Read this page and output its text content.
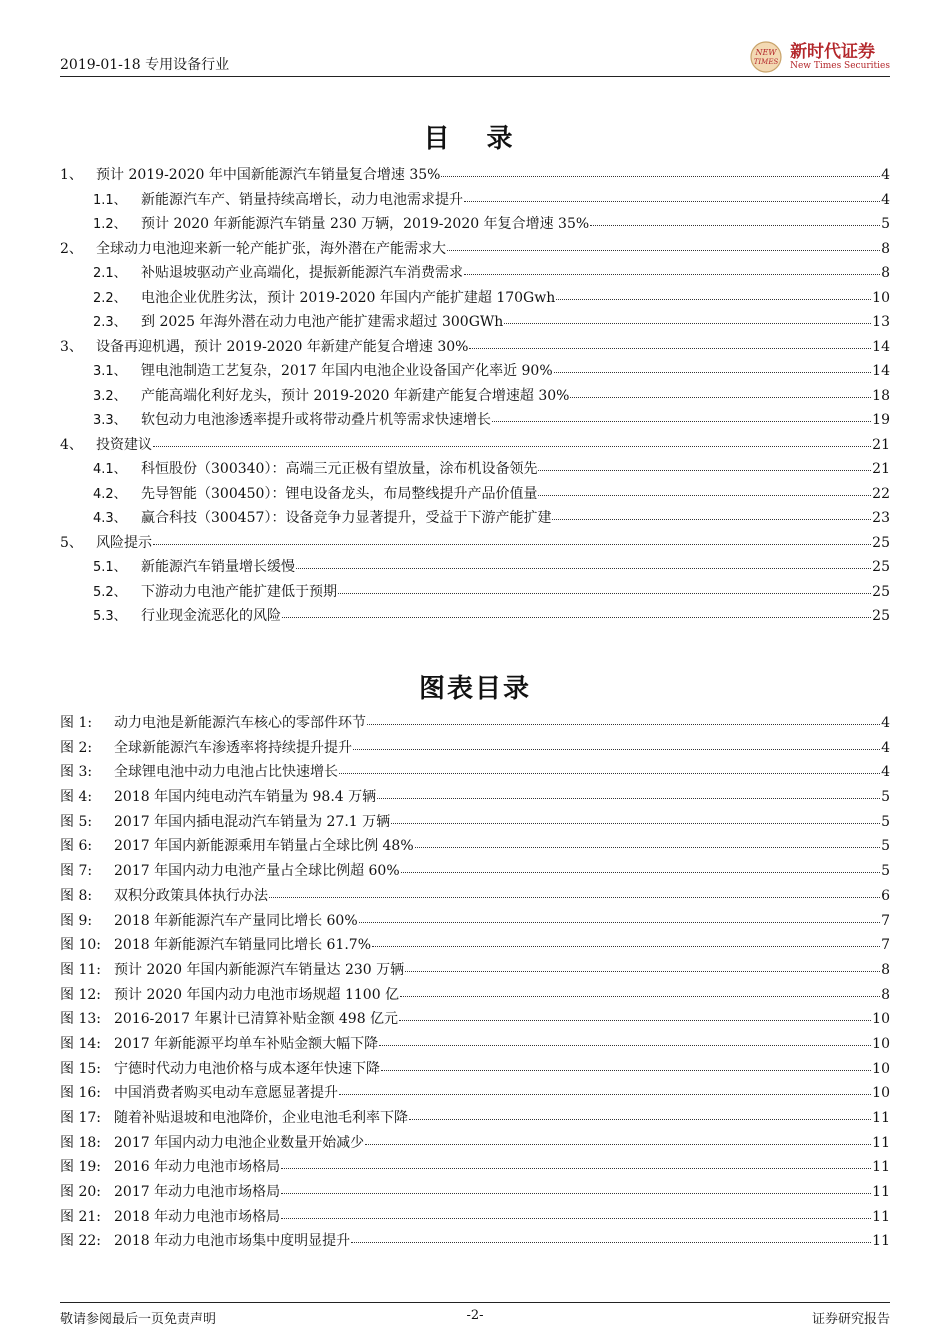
2019-01-18 专用设备行业
NEW
TIMES
新时代证券
New Times Securities
目 录
1、 预计 2019-2020 年中国新能源汽车销量复合增速 35%	4
1.1、	新能源汽车产、销量持续高增长，动力电池需求提升	4
1.2、	预计 2020 年新能源汽车销量 230 万辆，2019-2020 年复合增速 35%	5
2、 全球动力电池迎来新一轮产能扩张，海外潜在产能需求大	8
2.1、	补贴退坡驱动产业高端化，提振新能源汽车消费需求	8
2.2、	电池企业优胜劣汰，预计 2019-2020 年国内产能扩建超 170Gwh	10
2.3、	到 2025 年海外潜在动力电池产能扩建需求超过 300GWh	13
3、 设备再迎机遇，预计 2019-2020 年新建产能复合增速 30%	14
3.1、	锂电池制造工艺复杂，2017 年国内电池企业设备国产化率近 90%	14
3.2、	产能高端化利好龙头，预计 2019-2020 年新建产能复合增速超 30%	18
3.3、	软包动力电池渗透率提升或将带动叠片机等需求快速增长	19
4、 投资建议	21
4.1、	科恒股份（300340）：高端三元正极有望放量，涂布机设备领先	21
4.2、	先导智能（300450）：锂电设备龙头，布局整线提升产品价值量	22
4.3、	赢合科技（300457）：设备竞争力显著提升，受益于下游产能扩建	23
5、 风险提示	25
5.1、	新能源汽车销量增长缓慢	25
5.2、	下游动力电池产能扩建低于预期	25
5.3、	行业现金流恶化的风险	25
图表目录
图 1:	动力电池是新能源汽车核心的零部件环节	4
图 2:	全球新能源汽车渗透率将持续提升提升	4
图 3:	全球锂电池中动力电池占比快速增长	4
图 4:	2018 年国内纯电动汽车销量为 98.4 万辆	5
图 5:	2017 年国内插电混动汽车销量为 27.1 万辆	5
图 6:	2017 年国内新能源乘用车销量占全球比例 48%	5
图 7:	2017 年国内动力电池产量占全球比例超 60%	5
图 8:	双积分政策具体执行办法	6
图 9:	2018 年新能源汽车产量同比增长 60%	7
图 10: 2018 年新能源汽车销量同比增长 61.7%	7
图 11: 预计 2020 年国内新能源汽车销量达 230 万辆	8
图 12: 预计 2020 年国内动力电池市场规超 1100 亿	8
图 13: 2016-2017 年累计已清算补贴金额 498 亿元	10
图 14: 2017 年新能源平均单车补贴金额大幅下降	10
图 15: 宁德时代动力电池价格与成本逐年快速下降	10
图 16: 中国消费者购买电动车意愿显著提升	10
图 17: 随着补贴退坡和电池降价，企业电池毛利率下降	11
图 18: 2017 年国内动力电池企业数量开始减少	11
图 19: 2016 年动力电池市场格局	11
图 20: 2017 年动力电池市场格局	11
图 21: 2018 年动力电池市场格局	11
图 22: 2018 年动力电池市场集中度明显提升	11
敬请参阅最后一页免责声明	-2-	证券研究报告
